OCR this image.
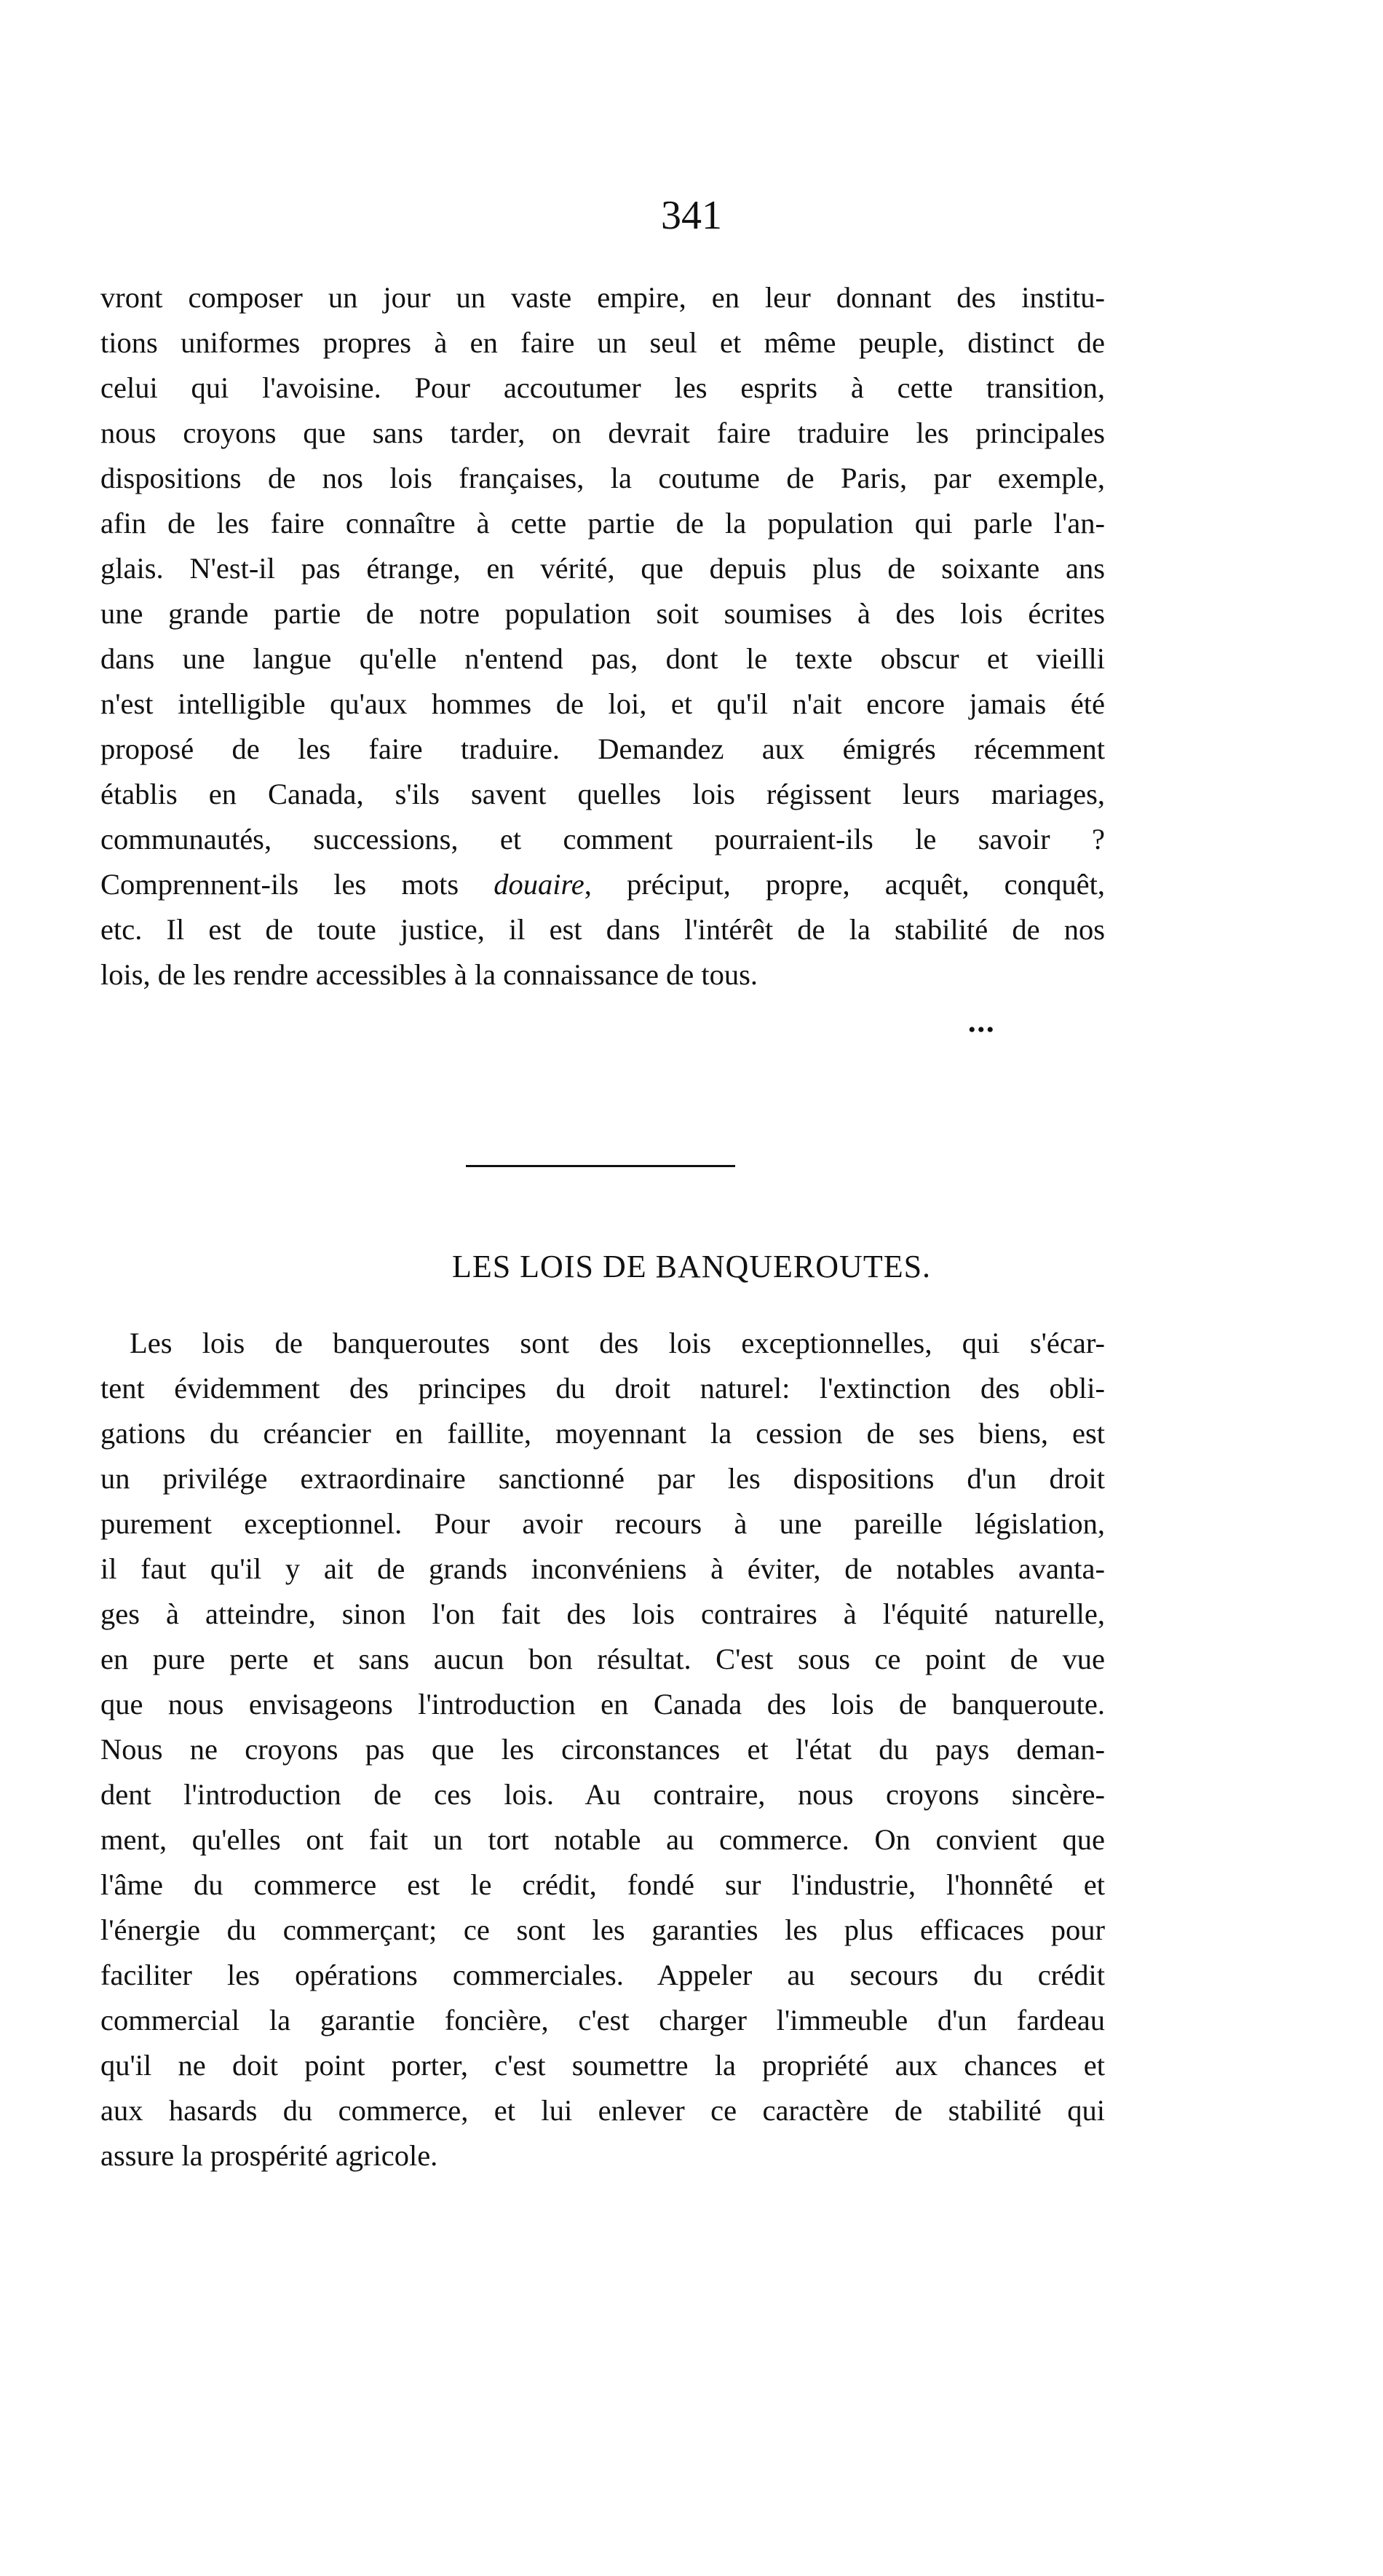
341
vront composer un jour un vaste empire, en leur donnant des institu-
tions uniformes propres à en faire un seul et même peuple, distinct de
celui qui l'avoisine. Pour accoutumer les esprits à cette transition,
nous croyons que sans tarder, on devrait faire traduire les principales
dispositions de nos lois françaises, la coutume de Paris, par exemple,
afin de les faire connaître à cette partie de la population qui parle l'an-
glais. N'est-il pas étrange, en vérité, que depuis plus de soixante ans
une grande partie de notre population soit soumises à des lois écrites
dans une langue qu'elle n'entend pas, dont le texte obscur et vieilli
n'est intelligible qu'aux hommes de loi, et qu'il n'ait encore jamais été
proposé de les faire traduire. Demandez aux émigrés récemment
établis en Canada, s'ils savent quelles lois régissent leurs mariages,
communautés, successions, et comment pourraient-ils le savoir ?
Comprennent-ils les mots douaire, préciput, propre, acquêt, conquêt,
etc. Il est de toute justice, il est dans l'intérêt de la stabilité de nos
lois, de les rendre accessibles à la connaissance de tous.
•••
LES LOIS DE BANQUEROUTES.
Les lois de banqueroutes sont des lois exceptionnelles, qui s'écar-
tent évidemment des principes du droit naturel: l'extinction des obli-
gations du créancier en faillite, moyennant la cession de ses biens, est
un privilége extraordinaire sanctionné par les dispositions d'un droit
purement exceptionnel. Pour avoir recours à une pareille législation,
il faut qu'il y ait de grands inconvéniens à éviter, de notables avanta-
ges à atteindre, sinon l'on fait des lois contraires à l'équité naturelle,
en pure perte et sans aucun bon résultat. C'est sous ce point de vue
que nous envisageons l'introduction en Canada des lois de banqueroute.
Nous ne croyons pas que les circonstances et l'état du pays deman-
dent l'introduction de ces lois. Au contraire, nous croyons sincère-
ment, qu'elles ont fait un tort notable au commerce. On convient que
l'âme du commerce est le crédit, fondé sur l'industrie, l'honnêté et
l'énergie du commerçant; ce sont les garanties les plus efficaces pour
faciliter les opérations commerciales. Appeler au secours du crédit
commercial la garantie foncière, c'est charger l'immeuble d'un fardeau
qu'il ne doit point porter, c'est soumettre la propriété aux chances et
aux hasards du commerce, et lui enlever ce caractère de stabilité qui
assure la prospérité agricole.
